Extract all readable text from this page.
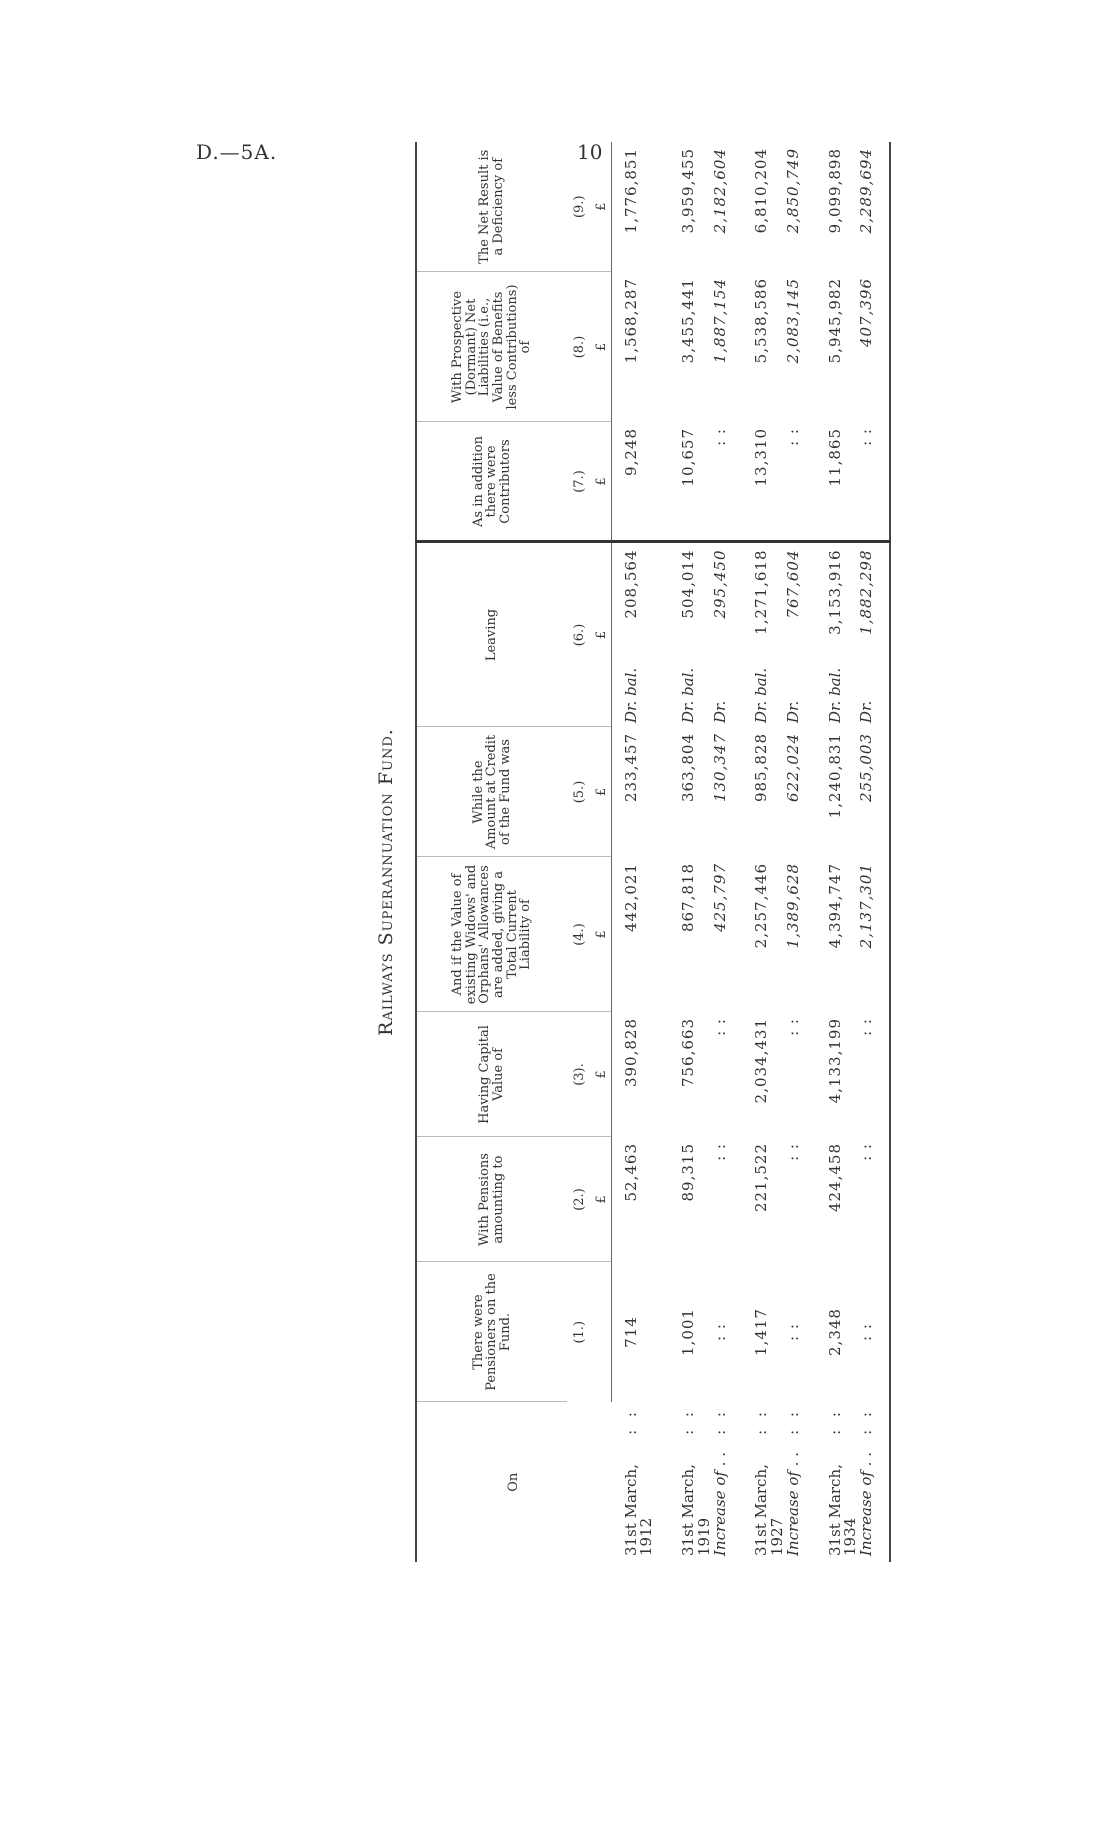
D.—5A.	10
Railways Superannuation Fund.
On	There were Pensioners on the Fund.	With Pensions amounting to	Having Capital Value of	And if the Value of existing Widows' and Orphans' Allowances are added, giving a Total Current Liability of	While the Amount at Credit of the Fund was	Leaving		As in addition there were Contributors	With Prospective (Dormant) Net Liabilities (i.e., Value of Benefits less Contributions) of	The Net Result is a Deficiency of
	(1.)	(2.)	(3).	(4.)	(5.)	(6.)		(7.)	(8.)	(9.)
		£	£	£	£	£		£	£	£

: :
31st March, 1912	714	52,463	390,828	442,021	233,457	Dr. bal.	208,564	9,248	1,568,287	1,776,851

: :
31st March, 1919	1,001	89,315	756,663	867,818	363,804	Dr. bal.	504,014	10,657	3,455,441	3,959,455

: :
Increase of . .	: :	: :	: :	425,797	130,347	Dr.	295,450	: :	1,887,154	2,182,604

: :
31st March, 1927	1,417	221,522	2,034,431	2,257,446	985,828	Dr. bal.	1,271,618	13,310	5,538,586	6,810,204

: :
Increase of . .	: :	: :	: :	1,389,628	622,024	Dr.	767,604	: :	2,083,145	2,850,749

: :
31st March, 1934	2,348	424,458	4,133,199	4,394,747	1,240,831	Dr. bal.	3,153,916	11,865	5,945,982	9,099,898

: :
Increase of . .	: :	: :	: :	2,137,301	255,003	Dr.	1,882,298	: :	407,396	2,289,694
